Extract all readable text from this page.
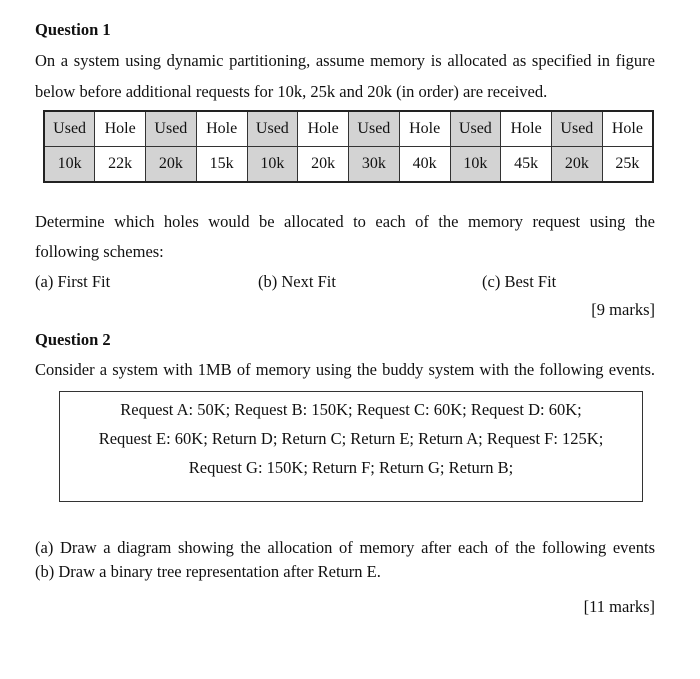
Question 1
On a system using dynamic partitioning, assume memory is allocated as specified in figure
below before additional requests for 10k, 25k and 20k (in order) are received.
Used	Hole	Used	Hole	Used	Hole	Used	Hole	Used	Hole	Used	Hole
10k	22k	20k	15k	10k	20k	30k	40k	10k	45k	20k	25k
Determine which holes would be allocated to each of the memory request using the
following schemes:
(a) First Fit	(b) Next Fit	(c) Best Fit
[9 marks]
Question 2
Consider a system with 1MB of memory using the buddy system with the following events.
Request A: 50K; Request B: 150K; Request C: 60K; Request D: 60K;
Request E: 60K; Return D; Return C; Return E; Return A; Request F: 125K;
Request G: 150K; Return F; Return G; Return B;
(a) Draw a diagram showing the allocation of memory after each of the following events
(b) Draw a binary tree representation after Return E.
[11 marks]
